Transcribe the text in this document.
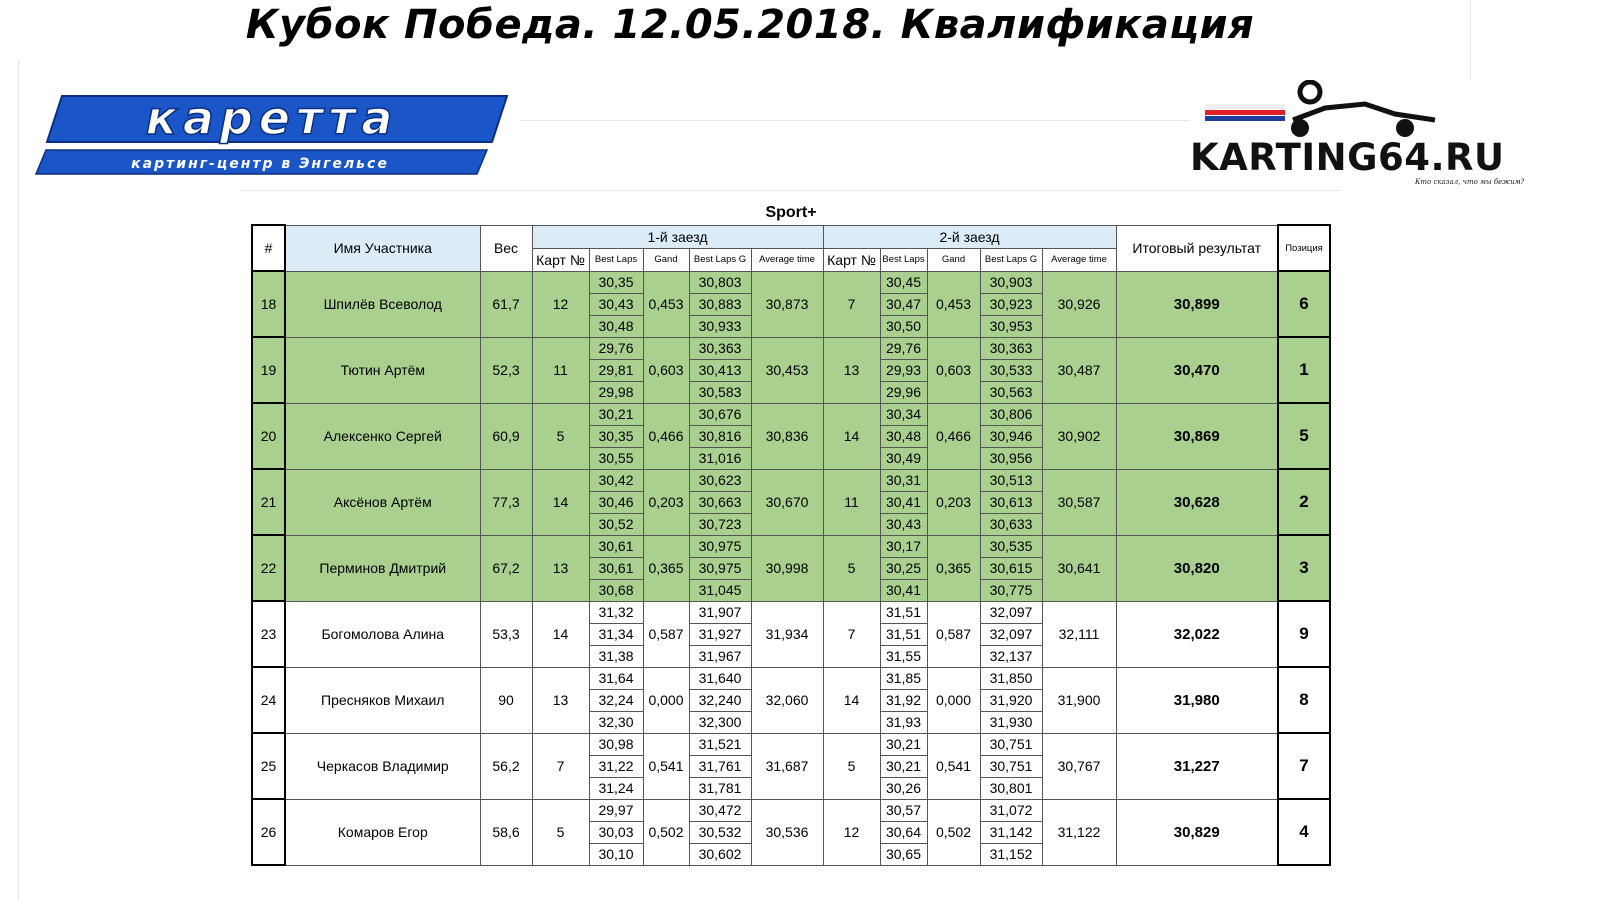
Кубок Победа. 12.05.2018. Квалификация
каретта
картинг-центр в Энгельсе	KARTING64.RU
Кто сказал, что мы бежим?
Sport+														
#	Имя Участника	Вес	1-й заезд					2-й заезд					Итоговый результат	Позиция
			Карт №	Best Laps	Gand	Best Laps G	Average time	Карт №	Best Laps	Gand	Best Laps G	Average time		
18	Шпилёв Всеволод	61,7	12	30,35	0,453	30,803	30,873	7	30,45	0,453	30,903	30,926	30,899	6
				30,43		30,883			30,47		30,923			
				30,48		30,933			30,50		30,953			
19	Тютин Артём	52,3	11	29,76	0,603	30,363	30,453	13	29,76	0,603	30,363	30,487	30,470	1
				29,81		30,413			29,93		30,533			
				29,98		30,583			29,96		30,563			
20	Алексенко Сергей	60,9	5	30,21	0,466	30,676	30,836	14	30,34	0,466	30,806	30,902	30,869	5
				30,35		30,816			30,48		30,946			
				30,55		31,016			30,49		30,956			
21	Аксёнов Артём	77,3	14	30,42	0,203	30,623	30,670	11	30,31	0,203	30,513	30,587	30,628	2
				30,46		30,663			30,41		30,613			
				30,52		30,723			30,43		30,633			
22	Перминов Дмитрий	67,2	13	30,61	0,365	30,975	30,998	5	30,17	0,365	30,535	30,641	30,820	3
				30,61		30,975			30,25		30,615			
				30,68		31,045			30,41		30,775			
23	Богомолова Алина	53,3	14	31,32	0,587	31,907	31,934	7	31,51	0,587	32,097	32,111	32,022	9
				31,34		31,927			31,51		32,097			
				31,38		31,967			31,55		32,137			
24	Пресняков Михаил	90	13	31,64	0,000	31,640	32,060	14	31,85	0,000	31,850	31,900	31,980	8
				32,24		32,240			31,92		31,920			
				32,30		32,300			31,93		31,930			
25	Черкасов Владимир	56,2	7	30,98	0,541	31,521	31,687	5	30,21	0,541	30,751	30,767	31,227	7
				31,22		31,761			30,21		30,751			
				31,24		31,781			30,26		30,801			
26	Комаров Егор	58,6	5	29,97	0,502	30,472	30,536	12	30,57	0,502	31,072	31,122	30,829	4
				30,03		30,532			30,64		31,142			
				30,10		30,602			30,65		31,152			
